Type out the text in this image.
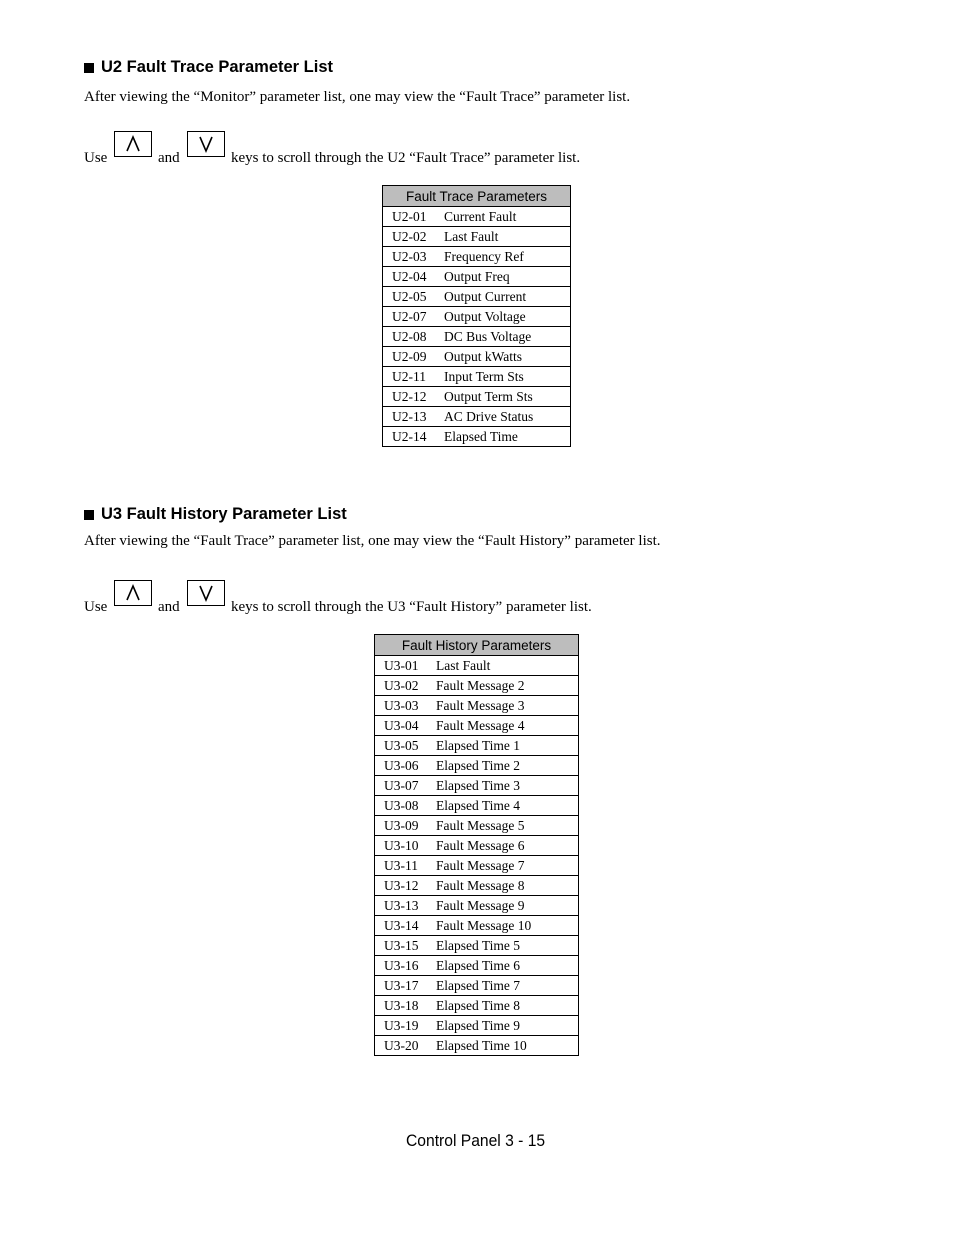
U2 Fault Trace Parameter List
After viewing the “Monitor” parameter list, one may view the “Fault Trace” parameter list.
Use	and	keys to scroll through the U2 “Fault Trace” parameter list.
Fault Trace Parameters	
U2-01	Current Fault
U2-02	Last Fault
U2-03	Frequency Ref
U2-04	Output Freq
U2-05	Output Current
U2-07	Output Voltage
U2-08	DC Bus Voltage
U2-09	Output kWatts
U2-11	Input Term Sts
U2-12	Output Term Sts
U2-13	AC Drive Status
U2-14	Elapsed Time
U3 Fault History Parameter List
After viewing the “Fault Trace” parameter list, one may view the “Fault History” parameter list.
Use	and	keys to scroll through the U3 “Fault History” parameter list.
Fault History Parameters	
U3-01	Last Fault
U3-02	Fault Message 2
U3-03	Fault Message 3
U3-04	Fault Message 4
U3-05	Elapsed Time 1
U3-06	Elapsed Time 2
U3-07	Elapsed Time 3
U3-08	Elapsed Time 4
U3-09	Fault Message 5
U3-10	Fault Message 6
U3-11	Fault Message 7
U3-12	Fault Message 8
U3-13	Fault Message 9
U3-14	Fault Message 10
U3-15	Elapsed Time 5
U3-16	Elapsed Time 6
U3-17	Elapsed Time 7
U3-18	Elapsed Time 8
U3-19	Elapsed Time 9
U3-20	Elapsed Time 10
Control Panel 3 - 15
